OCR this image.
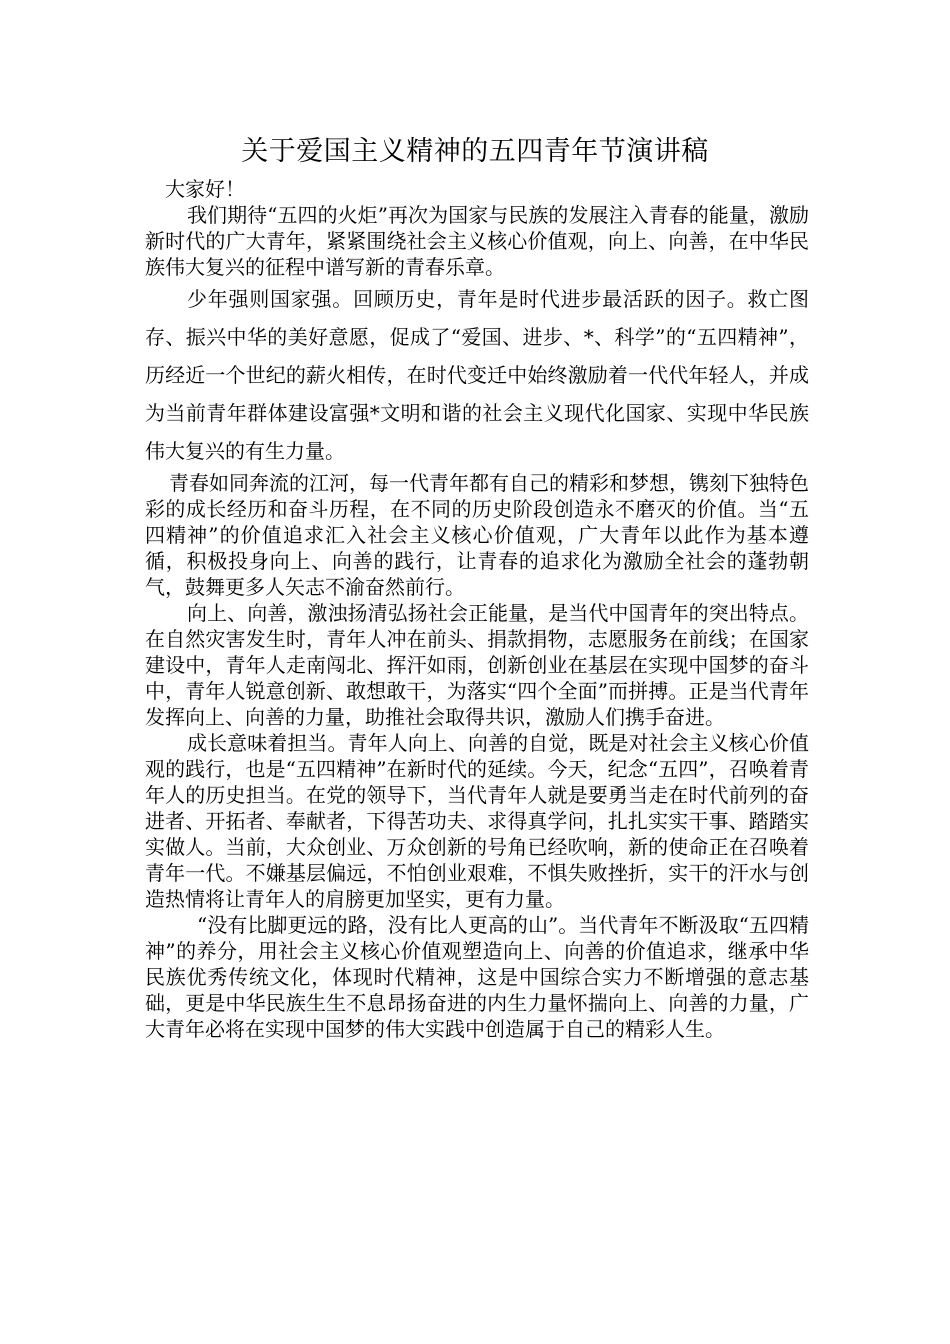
关于爱国主义精神的五四青年节演讲稿

大家好！

我们期待“五四的火炬”再次为国家与民族的发展注入青春的能量，激励新时代的广大青年，紧紧围绕社会主义核心价值观，向上、向善，在中华民族伟大复兴的征程中谱写新的青春乐章。

少年强则国家强。回顾历史，青年是时代进步最活跃的因子。救亡图存、振兴中华的美好意愿，促成了“爱国、进步、*、科学”的“五四精神”，历经近一个世纪的薪火相传，在时代变迁中始终激励着一代代年轻人，并成为当前青年群体建设富强*文明和谐的社会主义现代化国家、实现中华民族伟大复兴的有生力量。

青春如同奔流的江河，每一代青年都有自己的精彩和梦想，镌刻下独特色彩的成长经历和奋斗历程，在不同的历史阶段创造永不磨灭的价值。当“五四精神”的价值追求汇入社会主义核心价值观，广大青年以此作为基本遵循，积极投身向上、向善的践行，让青春的追求化为激励全社会的蓬勃朝气，鼓舞更多人矢志不渝奋然前行。

向上、向善，激浊扬清弘扬社会正能量，是当代中国青年的突出特点。在自然灾害发生时，青年人冲在前头、捐款捐物，志愿服务在前线；在国家建设中，青年人走南闯北、挥汗如雨，创新创业在基层在实现中国梦的奋斗中，青年人锐意创新、敢想敢干，为落实“四个全面”而拼搏。正是当代青年发挥向上、向善的力量，助推社会取得共识，激励人们携手奋进。

成长意味着担当。青年人向上、向善的自觉，既是对社会主义核心价值观的践行，也是“五四精神”在新时代的延续。今天，纪念“五四”，召唤着青年人的历史担当。在党的领导下，当代青年人就是要勇当走在时代前列的奋进者、开拓者、奉献者，下得苦功夫、求得真学问，扎扎实实干事、踏踏实实做人。当前，大众创业、万众创新的号角已经吹响，新的使命正在召唤着青年一代。不嫌基层偏远，不怕创业艰难，不惧失败挫折，实干的汗水与创造热情将让青年人的肩膀更加坚实，更有力量。

“没有比脚更远的路，没有比人更高的山”。当代青年不断汲取“五四精神”的养分，用社会主义核心价值观塑造向上、向善的价值追求，继承中华民族优秀传统文化，体现时代精神，这是中国综合实力不断增强的意志基础，更是中华民族生生不息昂扬奋进的内生力量怀揣向上、向善的力量，广大青年必将在实现中国梦的伟大实践中创造属于自己的精彩人生。
